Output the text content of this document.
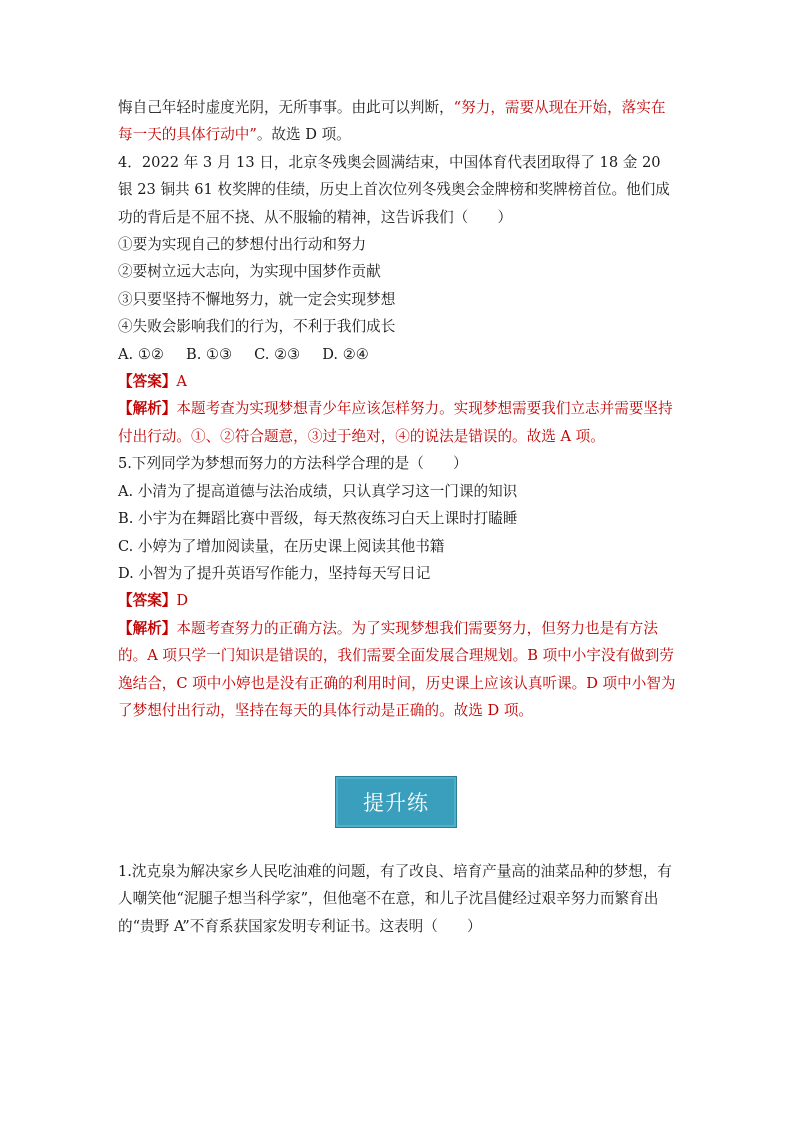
悔自己年轻时虚度光阴，无所事事。由此可以判断，“努力，需要从现在开始，落实在每一天的具体行动中”。故选 D 项。

4．2022 年 3 月 13 日，北京冬残奥会圆满结束，中国体育代表团取得了 18 金 20 银 23 铜共 61 枚奖牌的佳绩，历史上首次位列冬残奥会金牌榜和奖牌榜首位。他们成功的背后是不屈不挠、从不服输的精神，这告诉我们（　　）

①要为实现自己的梦想付出行动和努力

②要树立远大志向，为实现中国梦作贡献

③只要坚持不懈地努力，就一定会实现梦想

④失败会影响我们的行为，不利于我们成长

A. ①② B. ①③ C. ②③ D. ②④

【答案】A

【解析】本题考查为实现梦想青少年应该怎样努力。实现梦想需要我们立志并需要坚持付出行动。①、②符合题意，③过于绝对，④的说法是错误的。故选 A 项。

5.下列同学为梦想而努力的方法科学合理的是（　　）

A. 小清为了提高道德与法治成绩，只认真学习这一门课的知识

B. 小宇为在舞蹈比赛中晋级，每天熬夜练习白天上课时打瞌睡

C. 小婷为了增加阅读量，在历史课上阅读其他书籍

D. 小智为了提升英语写作能力，坚持每天写日记

【答案】D

【解析】本题考查努力的正确方法。为了实现梦想我们需要努力，但努力也是有方法的。A 项只学一门知识是错误的，我们需要全面发展合理规划。B 项中小宇没有做到劳逸结合，C 项中小婷也是没有正确的利用时间，历史课上应该认真听课。D 项中小智为了梦想付出行动，坚持在每天的具体行动是正确的。故选 D 项。

提升练

1.沈克泉为解决家乡人民吃油难的问题，有了改良、培育产量高的油菜品种的梦想，有人嘲笑他“泥腿子想当科学家”，但他毫不在意，和儿子沈昌健经过艰辛努力而繁育出的“贵野 A”不育系获国家发明专利证书。这表明（　　）
